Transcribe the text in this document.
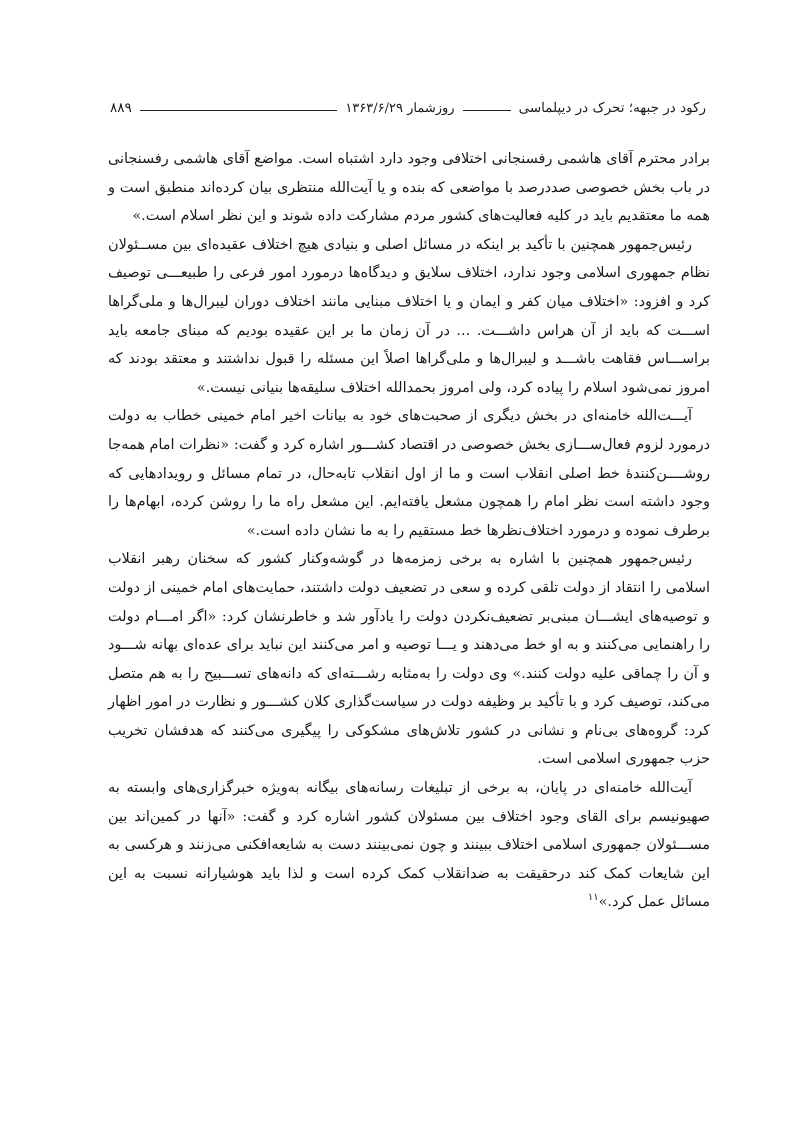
رکود در جبهه؛ تحرک در دیپلماسی
روزشمار ۱۳۶۳/۶/۲۹
۸۸۹

برادر محترم آقای هاشمی رفسنجانی اختلافی وجود دارد اشتباه است. مواضع آقای هاشمی رفسنجانی در باب بخش خصوصی صددرصد با مواضعی که بنده و یا آیت‌الله منتظری بیان کرده‌اند منطبق است و همه ما معتقدیم باید در کلیه فعالیت‌های کشور مردم مشارکت داده شوند و این نظر اسلام است.»

رئیس‌جمهور همچنین با تأکید بر اینکه در مسائل اصلی و بنیادی هیچ اختلاف عقیده‌ای بین مســئولان نظام جمهوری اسلامی وجود ندارد، اختلاف سلایق و دیدگاه‌ها درمورد امور فرعی را طبیعـــی توصیف کرد و افزود: «اختلاف میان کفر و ایمان و یا اختلاف مبنایی مانند اختلاف دوران لیبرال‌ها و ملی‌گراها اســـت که باید از آن هراس داشـــت. ... در آن زمان ما بر این عقیده بودیم که مبنای جامعه باید براســـاس فقاهت باشـــد و لیبرال‌ها و ملی‌گراها اصلاً این مسئله را قبول نداشتند و معتقد بودند که امروز نمی‌شود اسلام را پیاده کرد، ولی امروز بحمدالله اختلاف سلیقه‌ها بنیانی نیست.»

آیـــت‌الله خامنه‌ای در بخش دیگری از صحبت‌های خود به بیانات اخیر امام خمینی خطاب به دولت درمورد لزوم فعال‌ســـازی بخش خصوصی در اقتصاد کشـــور اشاره کرد و گفت: «نظرات امام همه‌جا روشــــن‌کنندهٔ خط اصلی انقلاب است و ما از اول انقلاب تابه‌حال، در تمام مسائل و رویدادهایی که وجود داشته است نظر امام را همچون مشعل یافته‌ایم. این مشعل راه ما را روشن کرده، ابهام‌ها را برطرف نموده و درمورد اختلاف‌نظرها خط مستقیم را به ما نشان داده است.»

رئیس‌جمهور همچنین با اشاره به برخی زمزمه‌ها در گوشه‌وکنار کشور که سخنان رهبر انقلاب اسلامی را انتقاد از دولت تلقی کرده و سعی در تضعیف دولت داشتند، حمایت‌های امام خمینی از دولت و توصیه‌های ایشـــان مبنی‌بر تضعیف‌نکردن دولت را یادآور شد و خاطرنشان کرد: «اگر امـــام دولت را راهنمایی می‌کنند و به او خط می‌دهند و یـــا توصیه و امر می‌کنند این نباید برای عده‌ای بهانه شـــود و آن را چماقی علیه دولت کنند.» وی دولت را به‌مثابه رشـــته‌ای که دانه‌های تســـبیح را به هم متصل می‌کند، توصیف کرد و با تأکید بر وظیفه دولت در سیاست‌گذاری کلان کشـــور و نظارت در امور اظهار کرد: گروه‌های بی‌نام و نشانی در کشور تلاش‌های مشکوکی را پیگیری می‌کنند که هدفشان تخریب حزب جمهوری اسلامی است.

آیت‌الله خامنه‌ای در پایان، به برخی از تبلیغات رسانه‌های بیگانه به‌ویژه خبرگزاری‌های وابسته به صهیونیسم برای القای وجود اختلاف بین مسئولان کشور اشاره کرد و گفت: «آنها در کمین‌اند بین مســـئولان جمهوری اسلامی اختلاف ببینند و چون نمی‌بینند دست به شایعه‌افکنی می‌زنند و هرکسی به این شایعات کمک کند درحقیقت به ضدانقلاب کمک کرده است و لذا باید هوشیارانه نسبت به این مسائل عمل کرد.»$^{۱۱}$
